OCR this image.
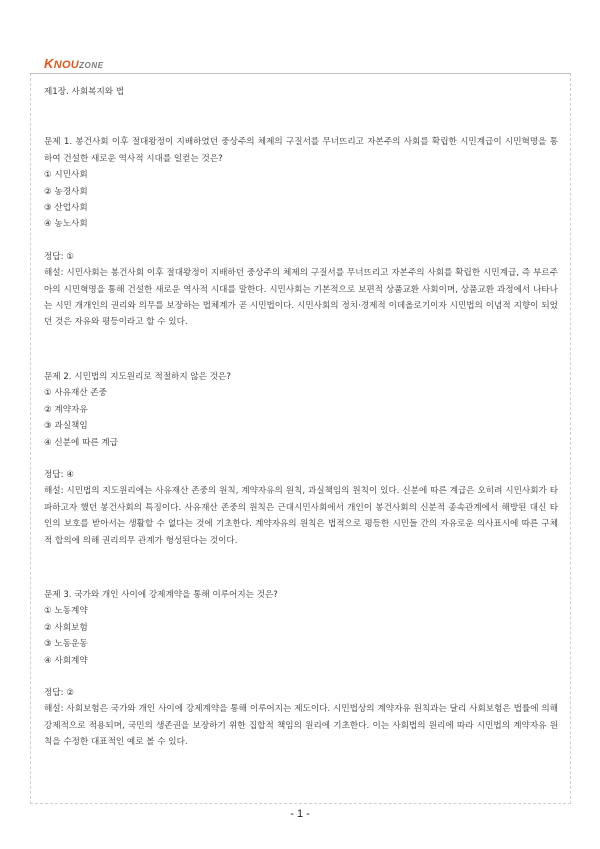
KNOUZONE

제1장. 사회복지와 법

문제 1. 봉건사회 이후 절대왕정이 지배하였던 중상주의 체제의 구질서를 무너뜨리고 자본주의 사회를 확립한 시민계급이 시민혁명을 통하여 건설한 새로운 역사적 시대를 일컫는 것은?

① 시민사회
② 농경사회
③ 산업사회
④ 농노사회

정답: ①

해설: 시민사회는 봉건사회 이후 절대왕정이 지배하던 중상주의 체제의 구질서를 무너뜨리고 자본주의 사회를 확립한 시민계급, 즉 부르주아의 시민혁명을 통해 건설한 새로운 역사적 시대를 말한다. 시민사회는 기본적으로 보편적 상품교환 사회이며, 상품교환 과정에서 나타나는 시민 개개인의 권리와 의무를 보장하는 법체계가 곧 시민법이다. 시민사회의 정치·경제적 이데올로기이자 시민법의 이념적 지향이 되었던 것은 자유와 평등이라고 할 수 있다.

문제 2. 시민법의 지도원리로 적절하지 않은 것은?

① 사유재산 존중
② 계약자유
③ 과실책임
④ 신분에 따른 계급

정답: ④

해설: 시민법의 지도원리에는 사유재산 존중의 원칙, 계약자유의 원칙, 과실책임의 원칙이 있다. 신분에 따른 계급은 오히려 시민사회가 타파하고자 했던 봉건사회의 특징이다. 사유재산 존중의 원칙은 근대시민사회에서 개인이 봉건사회의 신분적 종속관계에서 해방된 대신 타인의 보호를 받아서는 생활할 수 없다는 것에 기초한다. 계약자유의 원칙은 법적으로 평등한 시민들 간의 자유로운 의사표시에 따른 구체적 합의에 의해 권리의무 관계가 형성된다는 것이다.

문제 3. 국가와 개인 사이에 강제계약을 통해 이루어지는 것은?

① 노동계약
② 사회보험
③ 노동운동
④ 사회계약

정답: ②

해설: 사회보험은 국가와 개인 사이에 강제계약을 통해 이루어지는 제도이다. 시민법상의 계약자유 원칙과는 달리 사회보험은 법률에 의해 강제적으로 적용되며, 국민의 생존권을 보장하기 위한 집합적 책임의 원리에 기초한다. 이는 사회법의 원리에 따라 시민법의 계약자유 원칙을 수정한 대표적인 예로 볼 수 있다.

- 1 -
